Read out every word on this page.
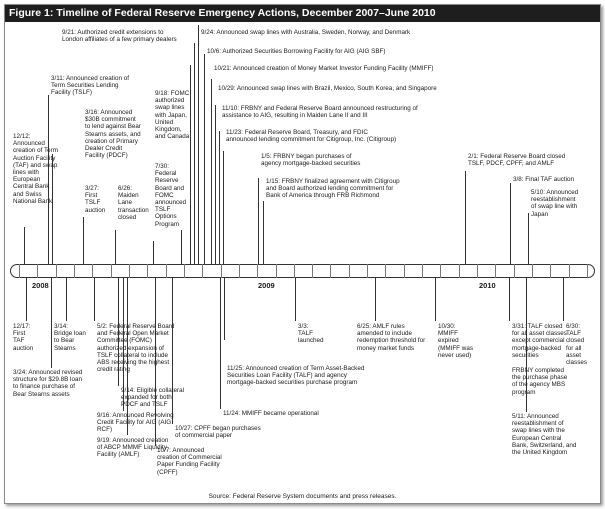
Figure 1: Timeline of Federal Reserve Emergency Actions, December 2007–June 2010
2008	2009	2010
12/12:
Announced
creation of Term
Auction Facility
(TAF) and swap
lines with
European
Central Bank
and Swiss
National Bank
3/11: Announced creation of
Term Securities Lending
Facility (TSLF)
3/16: Announced
$30B commitment
to lend against Bear
Stearns assets, and
creation of Primary
Dealer Credit
Facility (PDCF)
3/27:
First
TSLF
auction
6/26:
Maiden
Lane
transaction
closed
7/30:
Federal
Reserve
Board and
FOMC
announced
TSLF
Options
Program
9/18: FOMC
authorized
swap lines
with Japan,
United
Kingdom,
and Canada
9/21: Authorized credit extensions to
London affiliates of a few primary dealers
9/24: Announced swap lines with Australia, Sweden, Norway, and Denmark
10/6: Authorized Securities Borrowing Facility for AIG (AIG SBF)
10/21: Announced creation of Money Market Investor Funding Facility (MMIFF)
10/29: Announced swap lines with Brazil, Mexico, South Korea, and Singapore
11/10: FRBNY and Federal Reserve Board announced restructuring of
assistance to AIG, resulting in Maiden Lane II and III
11/23: Federal Reserve Board, Treasury, and FDIC
announced lending commitment for Citigroup, Inc. (Citigroup)
1/5: FRBNY began purchases of
agency mortgage-backed securities
1/15: FRBNY finalized agreement with Citigroup
and Board authorized lending commitment for
Bank of America through FRB Richmond
2/1: Federal Reserve Board closed
TSLF, PDCF, CPFF, and AMLF
3/8: Final TAF auction
5/10: Announced
reestablishment
of swap line with
Japan
12/17:
First
TAF
auction
3/14:
Bridge loan
to Bear
Stearns
5/2: Federal Reserve Board
and Federal Open Market
Committee (FOMC)
authorized expansion of
TSLF collateral to include
ABS receiving the highest
credit rating
3/24: Announced revised
structure for $29.8B loan
to finance purchase of
Bear Stearns assets
9/14: Eligible collateral
expanded for both
PDCF and TSLF
9/16: Announced Revolving
Credit Facility for AIG (AIG
RCF)
9/19: Announced creation
of ABCP MMMF Liquidity
Facility (AMLF)
10/7: Announced
creation of Commercial
Paper Funding Facility
(CPFF)
10/27: CPFF began purchases
of commercial paper
11/24: MMIFF became operational
11/25: Announced creation of Term Asset-Backed
Securities Loan Facility (TALF) and agency
mortgage-backed securities purchase program
3/3:
TALF
launched
6/25: AMLF rules
amended to include
redemption threshold for
money market funds
10/30:
MMIFF
expired
(MMIFF was
never used)
3/31: TALF closed
for all asset classes
except commercial
mortgage-backed
securities
FRBNY completed
the purchase phase
of the agency MBS
program
6/30:
TALF
closed
for all
asset
classes
5/11: Announced
reestablishment of
swap lines with the
European Central
Bank, Switzerland, and
the United Kingdom
Source: Federal Reserve System documents and press releases.
